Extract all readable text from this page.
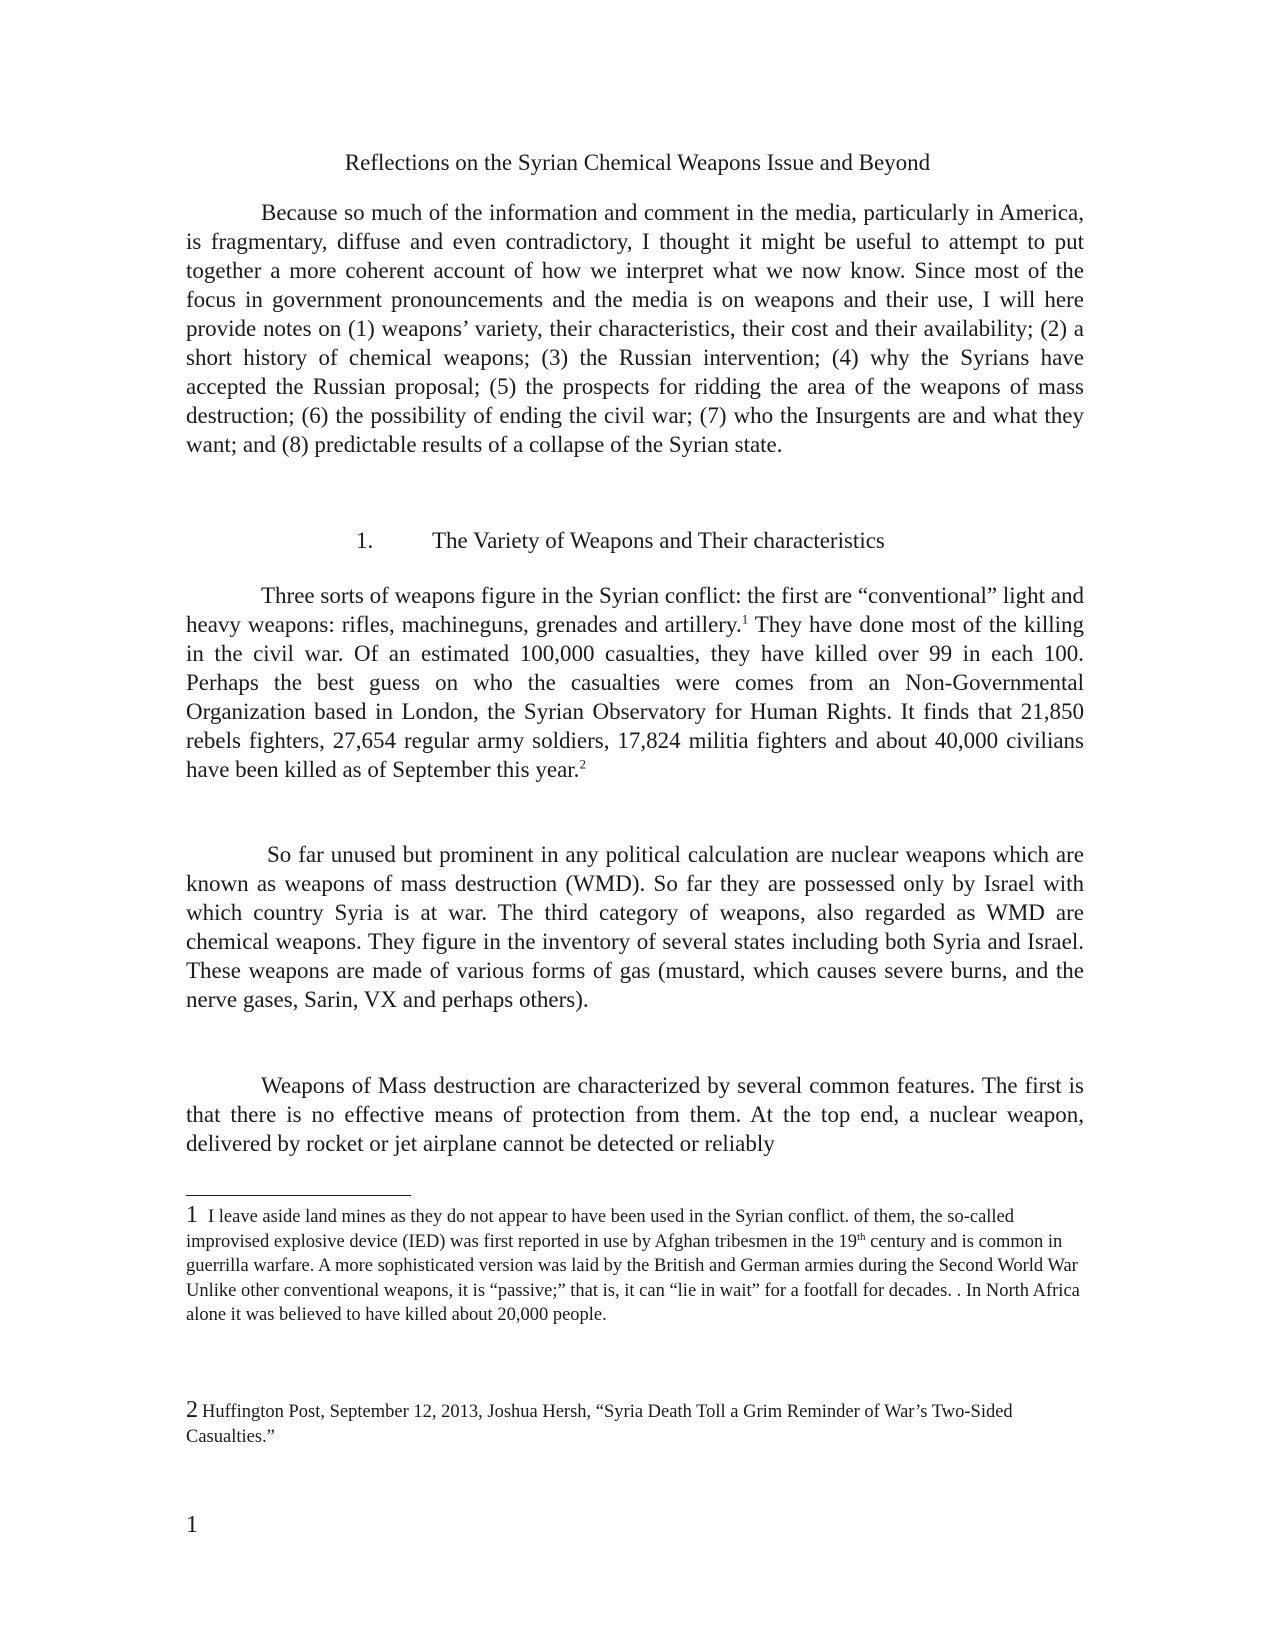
Reflections on the Syrian Chemical Weapons Issue and Beyond

Because so much of the information and comment in the media, particularly in America, is fragmentary, diffuse and even contradictory, I thought it might be useful to attempt to put together a more coherent account of how we interpret what we now know. Since most of the focus in government pronouncements and the media is on weapons and their use, I will here provide notes on (1) weapons’ variety, their characteristics, their cost and their availability; (2) a short history of chemical weapons; (3) the Russian intervention; (4) why the Syrians have accepted the Russian proposal; (5) the prospects for ridding the area of the weapons of mass destruction; (6) the possibility of ending the civil war; (7) who the Insurgents are and what they want; and (8) predictable results of a collapse of the Syrian state.

1.	The Variety of Weapons and Their characteristics

Three sorts of weapons figure in the Syrian conflict: the first are “conventional” light and heavy weapons: rifles, machineguns, grenades and artillery.$^1$ They have done most of the killing in the civil war. Of an estimated 100,000 casualties, they have killed over 99 in each 100. Perhaps the best guess on who the casualties were comes from an Non-Governmental Organization based in London, the Syrian Observatory for Human Rights. It finds that 21,850 rebels fighters, 27,654 regular army soldiers, 17,824 militia fighters and about 40,000 civilians have been killed as of September this year.$^2$

So far unused but prominent in any political calculation are nuclear weapons which are known as weapons of mass destruction (WMD). So far they are possessed only by Israel with which country Syria is at war. The third category of weapons, also regarded as WMD are chemical weapons. They figure in the inventory of several states including both Syria and Israel. These weapons are made of various forms of gas (mustard, which causes severe burns, and the nerve gases, Sarin, VX and perhaps others).

Weapons of Mass destruction are characterized by several common features. The first is that there is no effective means of protection from them. At the top end, a nuclear weapon, delivered by rocket or jet airplane cannot be detected or reliably

1 I leave aside land mines as they do not appear to have been used in the Syrian conflict. of them, the so-called improvised explosive device (IED) was first reported in use by Afghan tribesmen in the 19th century and is common in guerrilla warfare. A more sophisticated version was laid by the British and German armies during the Second World War Unlike other conventional weapons, it is “passive;” that is, it can “lie in wait” for a footfall for decades. . In North Africa alone it was believed to have killed about 20,000 people.

2 Huffington Post, September 12, 2013, Joshua Hersh, “Syria Death Toll a Grim Reminder of War’s Two-Sided Casualties.”

1
